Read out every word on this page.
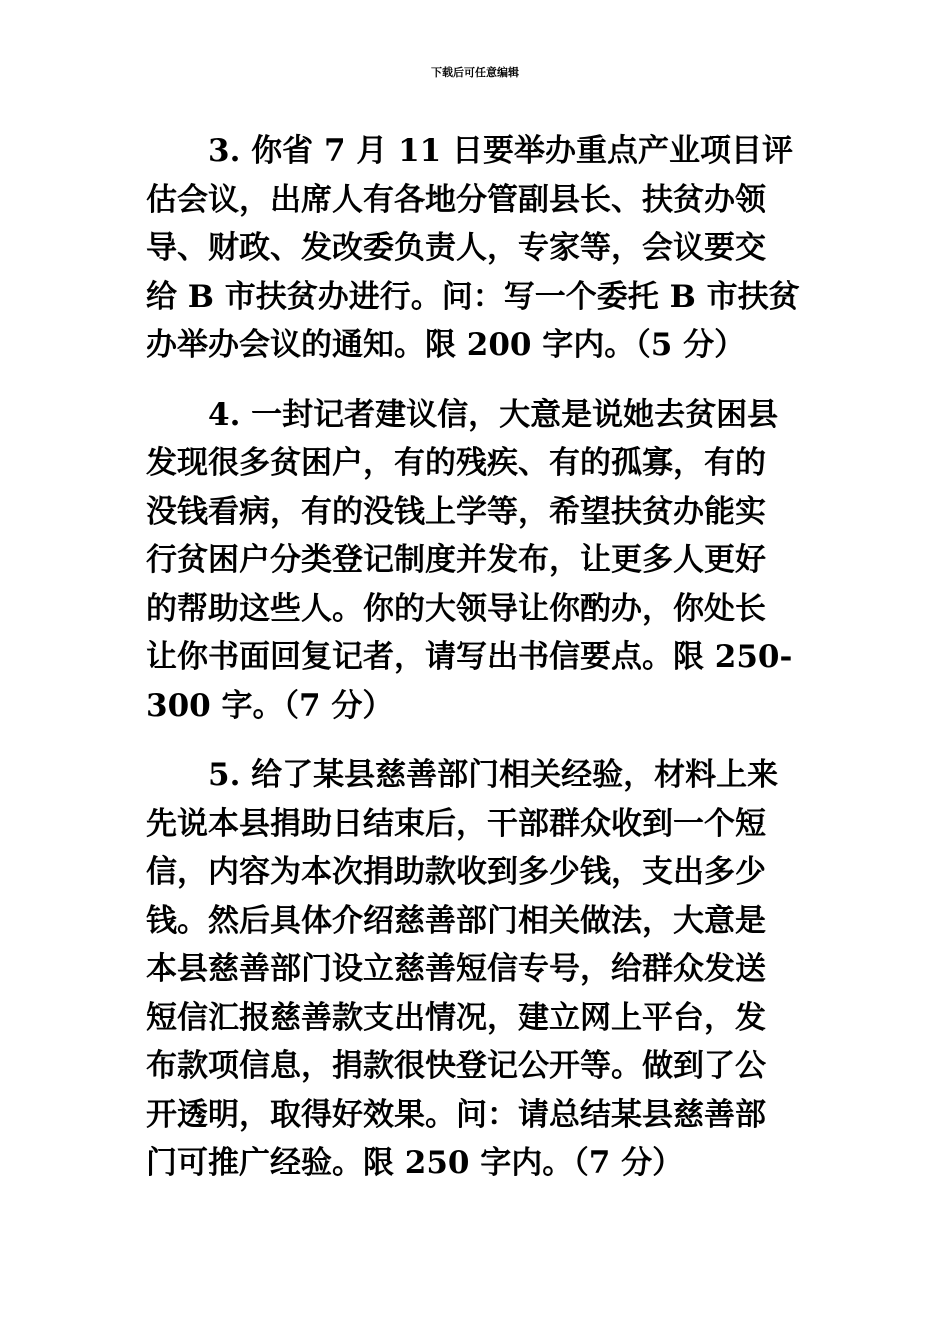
下载后可任意编辑

3. 你省 7 月 11 日要举办重点产业项目评
估会议，出席人有各地分管副县长、扶贫办领
导、财政、发改委负责人，专家等，会议要交
给 B 市扶贫办进行。问：写一个委托 B 市扶贫
办举办会议的通知。限 200 字内。（5 分）

4. 一封记者建议信，大意是说她去贫困县
发现很多贫困户，有的残疾、有的孤寡，有的
没钱看病，有的没钱上学等，希望扶贫办能实
行贫困户分类登记制度并发布，让更多人更好
的帮助这些人。你的大领导让你酌办，你处长
让你书面回复记者，请写出书信要点。限 250-
300 字。（7 分）

5. 给了某县慈善部门相关经验，材料上来
先说本县捐助日结束后，干部群众收到一个短
信，内容为本次捐助款收到多少钱，支出多少
钱。然后具体介绍慈善部门相关做法，大意是
本县慈善部门设立慈善短信专号，给群众发送
短信汇报慈善款支出情况，建立网上平台，发
布款项信息，捐款很快登记公开等。做到了公
开透明，取得好效果。问：请总结某县慈善部
门可推广经验。限 250 字内。（7 分）
